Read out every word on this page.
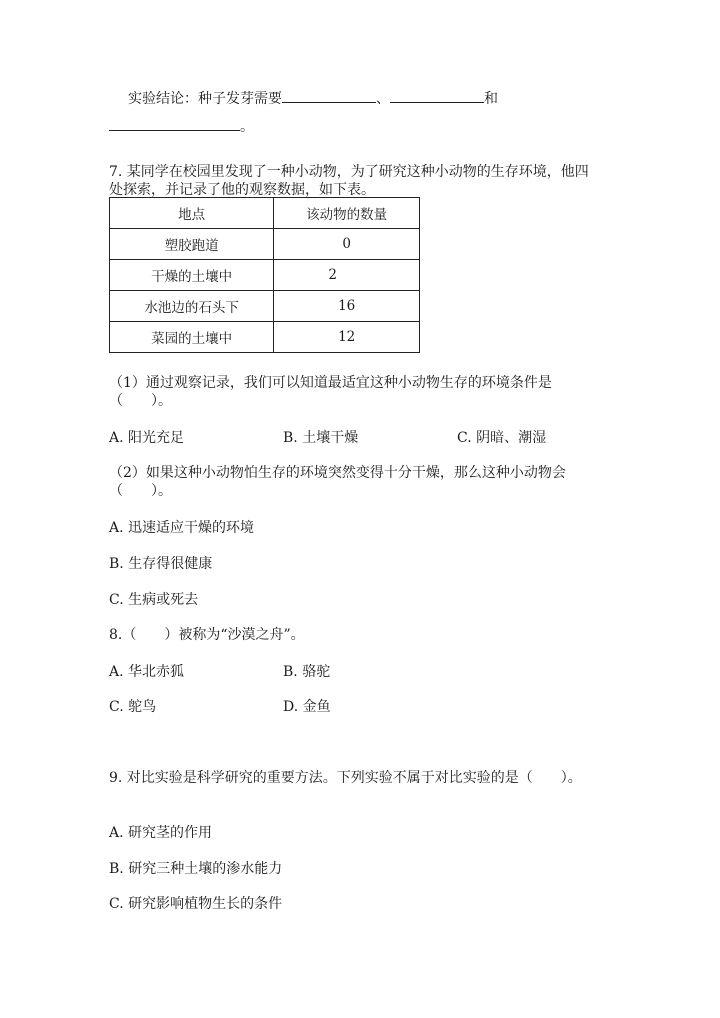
实验结论：种子发芽需要	、	和
。
7. 某同学在校园里发现了一种小动物，为了研究这种小动物的生存环境，他四
处探索，并记录了他的观察数据，如下表。
地点	该动物的数量
塑胶跑道	0
干燥的土壤中	2
水池边的石头下	16
菜园的土壤中	12
（1）通过观察记录，我们可以知道最适宜这种小动物生存的环境条件是
（　　）。
A. 阳光充足	B. 土壤干燥	C. 阴暗、潮湿
（2）如果这种小动物怕生存的环境突然变得十分干燥，那么这种小动物会
（　　）。
A. 迅速适应干燥的环境
B. 生存得很健康
C. 生病或死去
8.（　　）被称为“沙漠之舟”。
A. 华北赤狐	B. 骆驼
C. 鸵鸟	D. 金鱼
9. 对比实验是科学研究的重要方法。下列实验不属于对比实验的是（　　）。
A. 研究茎的作用
B. 研究三种土壤的渗水能力
C. 研究影响植物生长的条件
